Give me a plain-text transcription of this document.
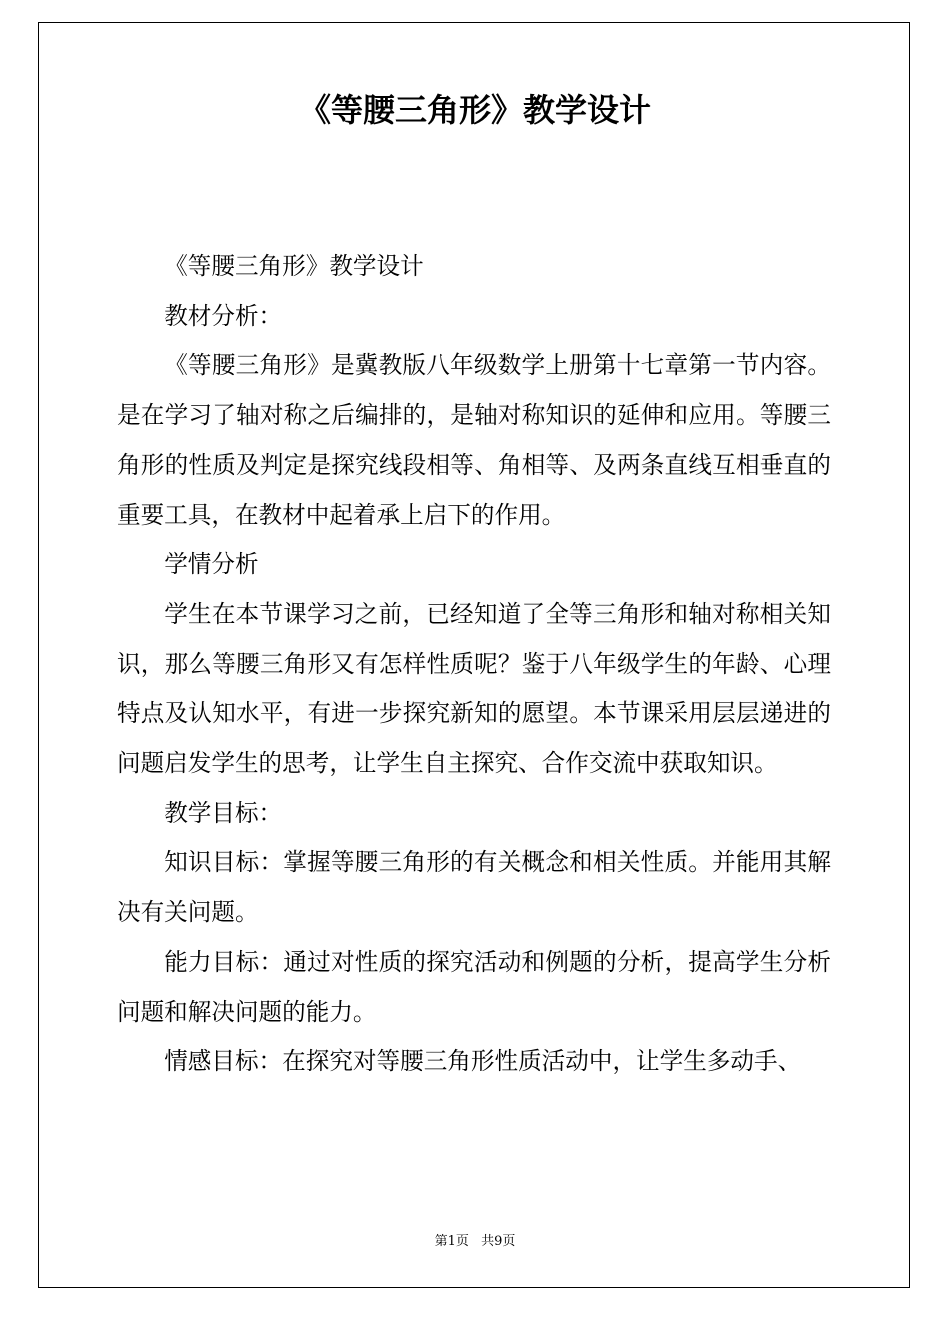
《等腰三角形》教学设计

《等腰三角形》教学设计

教材分析：

《等腰三角形》是冀教版八年级数学上册第十七章第一节内容。是在学习了轴对称之后编排的，是轴对称知识的延伸和应用。等腰三角形的性质及判定是探究线段相等、角相等、及两条直线互相垂直的重要工具，在教材中起着承上启下的作用。

学情分析

学生在本节课学习之前，已经知道了全等三角形和轴对称相关知识，那么等腰三角形又有怎样性质呢？鉴于八年级学生的年龄、心理特点及认知水平，有进一步探究新知的愿望。本节课采用层层递进的问题启发学生的思考，让学生自主探究、合作交流中获取知识。

教学目标：

知识目标：掌握等腰三角形的有关概念和相关性质。并能用其解决有关问题。

能力目标：通过对性质的探究活动和例题的分析，提高学生分析问题和解决问题的能力。

情感目标：在探究对等腰三角形性质活动中，让学生多动手、

第1页 共9页
